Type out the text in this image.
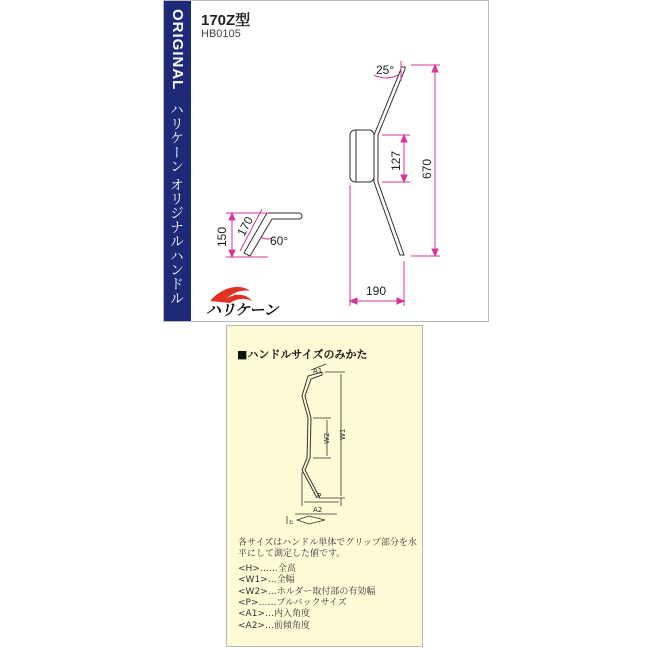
ORIGINALハリケーン オリジナルハンドル
170Z型
HB0105
25°
670
127
190
150 170
60°
ハリケーン
■ハンドルサイズのみかた
A1
W1
W2
P
A2
H
各サイズはハンドル単体でグリップ部分を水平にして測定した値です。
<H>……全高
<W1>…全幅
<W2>…ホルダー取付部の有効幅
<P>……プルバックサイズ
<A1>…内入角度
<A2>…前傾角度
